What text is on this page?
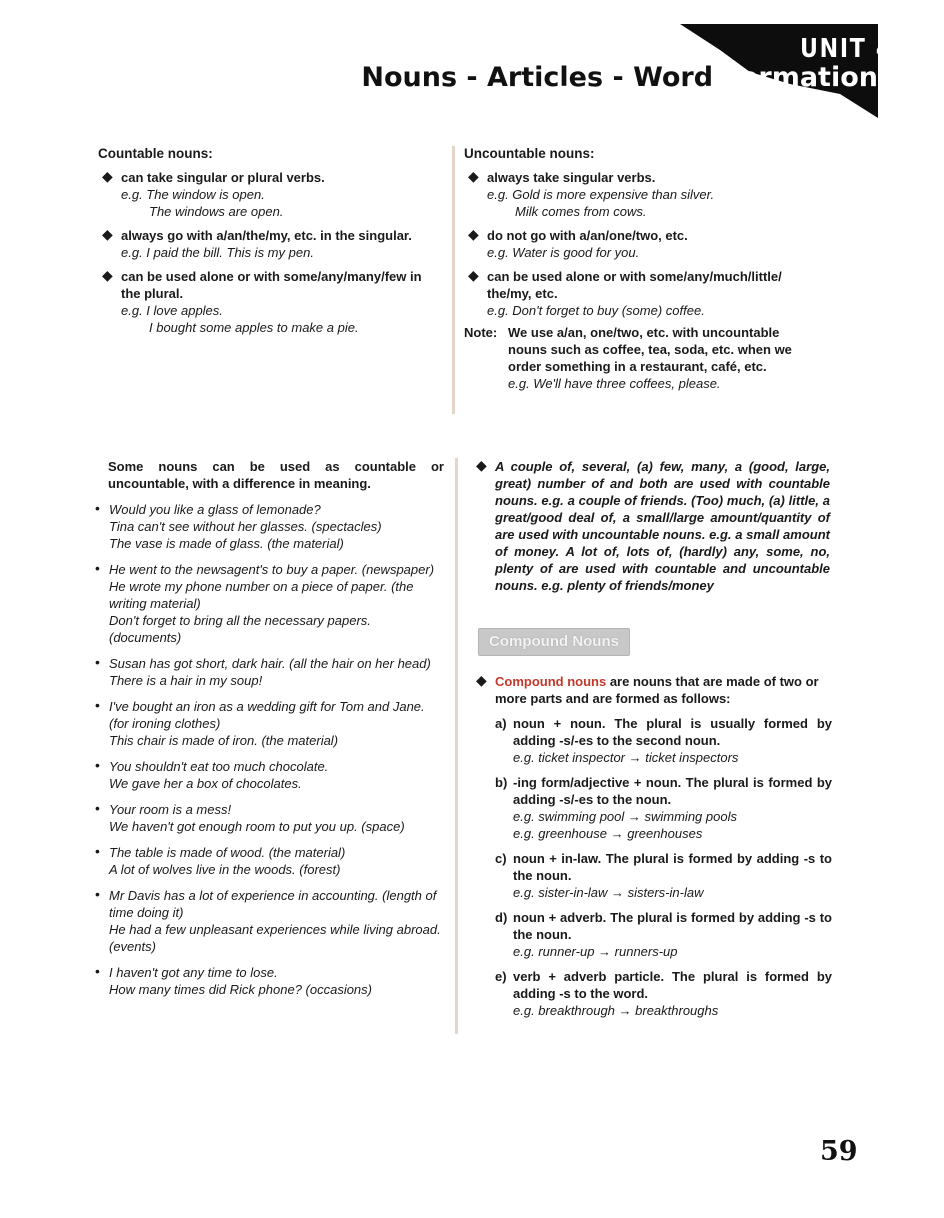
UNIT 4
Nouns - Articles - Word Formation
Countable nouns:
◆ can take singular or plural verbs.
e.g. The window is open.
The windows are open.
◆ always go with a/an/the/my, etc. in the singular.
e.g. I paid the bill. This is my pen.
◆ can be used alone or with some/any/many/few in the plural.
e.g. I love apples.
I bought some apples to make a pie.
Uncountable nouns:
◆ always take singular verbs.
e.g. Gold is more expensive than silver.
Milk comes from cows.
◆ do not go with a/an/one/two, etc.
e.g. Water is good for you.
◆ can be used alone or with some/any/much/little/ the/my, etc.
e.g. Don't forget to buy (some) coffee.
Note: We use a/an, one/two, etc. with uncountable nouns such as coffee, tea, soda, etc. when we order something in a restaurant, café, etc.
e.g. We'll have three coffees, please.
Some nouns can be used as countable or uncountable, with a difference in meaning.
• Would you like a glass of lemonade?
Tina can't see without her glasses. (spectacles)
The vase is made of glass. (the material)
• He went to the newsagent's to buy a paper. (newspaper)
He wrote my phone number on a piece of paper. (the writing material)
Don't forget to bring all the necessary papers. (documents)
• Susan has got short, dark hair. (all the hair on her head)
There is a hair in my soup!
• I've bought an iron as a wedding gift for Tom and Jane. (for ironing clothes)
This chair is made of iron. (the material)
• You shouldn't eat too much chocolate.
We gave her a box of chocolates.
• Your room is a mess!
We haven't got enough room to put you up. (space)
• The table is made of wood. (the material)
A lot of wolves live in the woods. (forest)
• Mr Davis has a lot of experience in accounting. (length of time doing it)
He had a few unpleasant experiences while living abroad. (events)
• I haven't got any time to lose.
How many times did Rick phone? (occasions)
◆ A couple of, several, (a) few, many, a (good, large, great) number of and both are used with countable nouns. e.g. a couple of friends. (Too) much, (a) little, a great/good deal of, a small/large amount/quantity of are used with uncountable nouns. e.g. a small amount of money. A lot of, lots of, (hardly) any, some, no, plenty of are used with countable and uncountable nouns. e.g. plenty of friends/money
Compound Nouns
◆ Compound nouns are nouns that are made of two or more parts and are formed as follows:
a) noun + noun. The plural is usually formed by adding -s/-es to the second noun.
e.g. ticket inspector → ticket inspectors
b) -ing form/adjective + noun. The plural is formed by adding -s/-es to the noun.
e.g. swimming pool → swimming pools
e.g. greenhouse → greenhouses
c) noun + in-law. The plural is formed by adding -s to the noun.
e.g. sister-in-law → sisters-in-law
d) noun + adverb. The plural is formed by adding -s to the noun.
e.g. runner-up → runners-up
e) verb + adverb particle. The plural is formed by adding -s to the word.
e.g. breakthrough → breakthroughs
59
